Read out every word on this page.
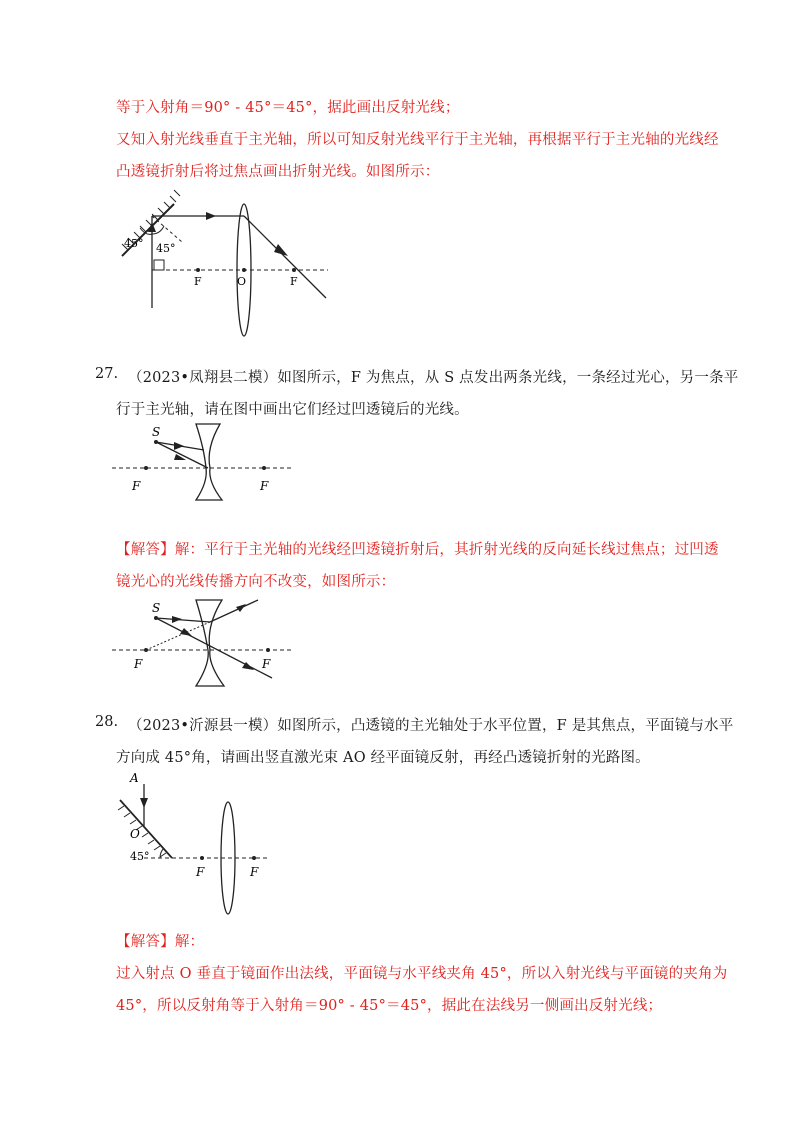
等于入射角＝90° - 45°＝45°，据此画出反射光线；
又知入射光线垂直于主光轴，所以可知反射光线平行于主光轴，再根据平行于主光轴的光线经
凸透镜折射后将过焦点画出折射光线。如图所示：
45° 45°
F	O	F
27. （2023•凤翔县二模）如图所示，F 为焦点，从 S 点发出两条光线，一条经过光心，另一条平
行于主光轴，请在图中画出它们经过凹透镜后的光线。
S
F	F
【解答】解：平行于主光轴的光线经凹透镜折射后，其折射光线的反向延长线过焦点；过凹透
镜光心的光线传播方向不改变，如图所示：
S
F	F
28. （2023•沂源县一模）如图所示，凸透镜的主光轴处于水平位置，F 是其焦点，平面镜与水平
方向成 45°角，请画出竖直激光束 AO 经平面镜反射，再经凸透镜折射的光路图。
A
O
45°
F	F
【解答】解：
过入射点 O 垂直于镜面作出法线，平面镜与水平线夹角 45°，所以入射光线与平面镜的夹角为
45°，所以反射角等于入射角＝90° - 45°＝45°，据此在法线另一侧画出反射光线；
